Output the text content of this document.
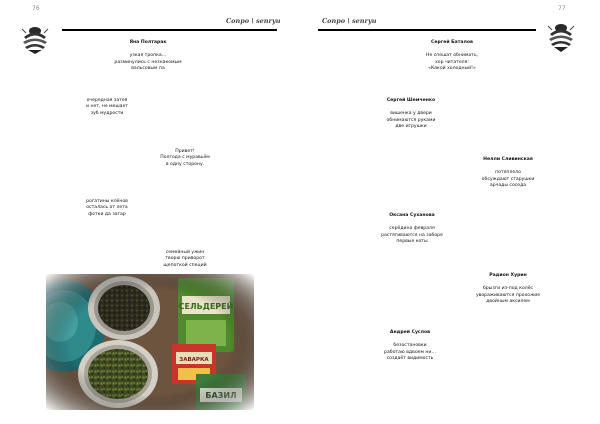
76
Сопро \ senryu
Яна Полтарак
узкая тропка…
разминулись с незнакомым
вальсовым па
очередная затея
и нет, не мешает
зуб мудрости
Привет!
Полгода с муравьём
в одну сторону.
рогатины клёнов
осталась от лета
фотки да загар
семейный ужин
творю приворот
щепоткой специй
77
Сопро \ senryu
Сергей Баталов
Не спешат обнимать,
хор читателя:
«Какой холодный!»
Сергей Шемченко
вишенка у двери
обнимаются руками
две игрушки
Нелли Сливинская
потеплело
обсуждают старушки
арчады соседа
Оксана Суханова
серёдина февраля
растягиваются на заборе
первые коты
Радион Хурин
брызги из-под колёс
увораживаются прохожие
двойным аксилем
Андрей Суслов
безостановки
работаю вдвоем ни…
создаёт видимость
